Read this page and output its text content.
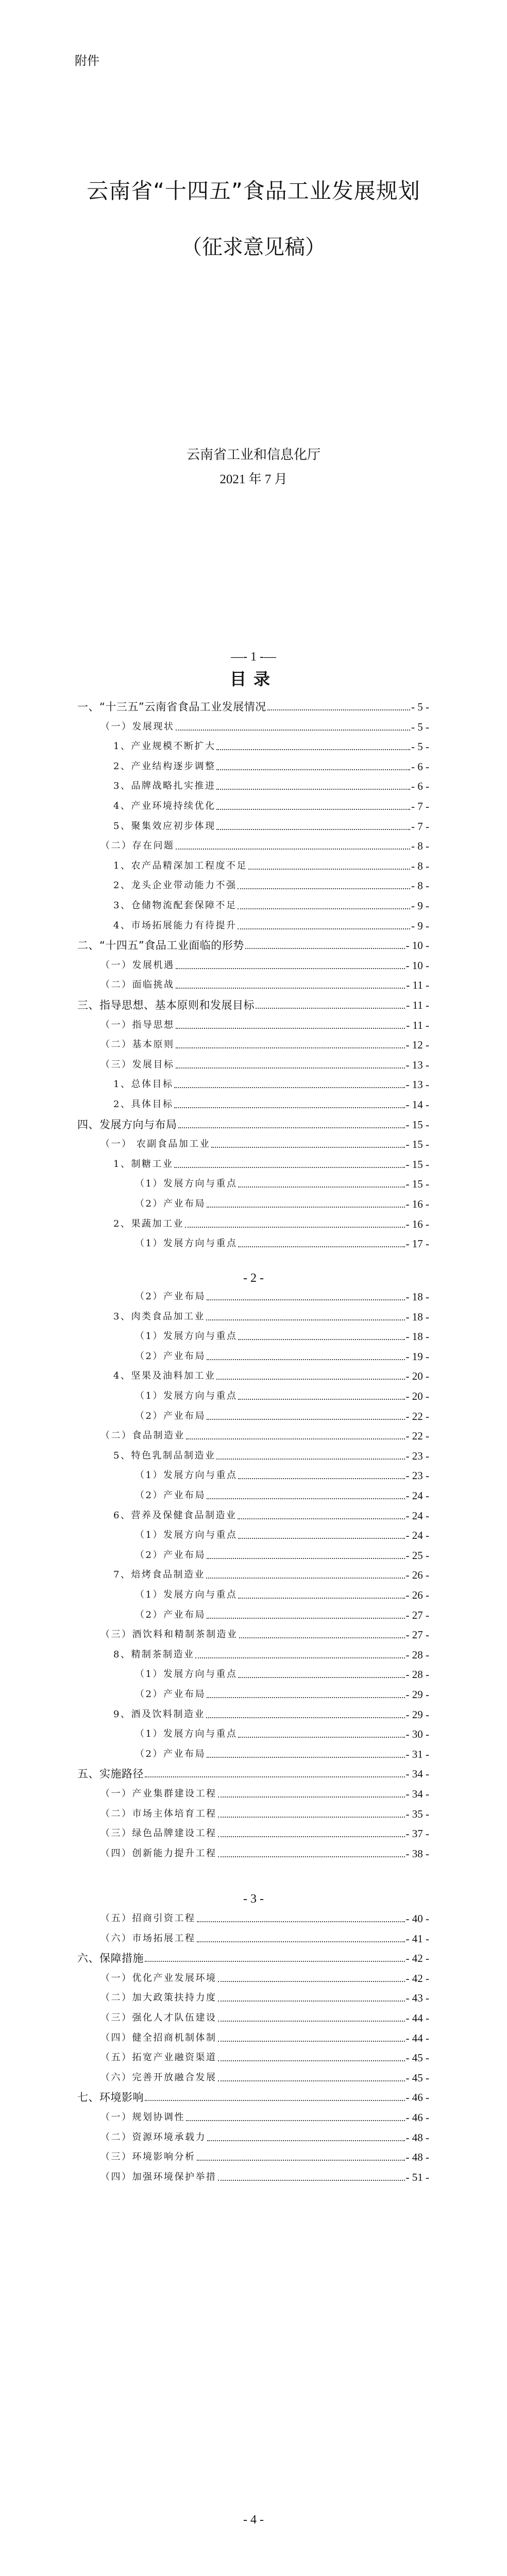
附件
云南省“十四五”食品工业发展规划
（征求意见稿）
云南省工业和信息化厅
2021 年 7 月
—- 1 -—
目录
- 2 -
- 3 -
- 4 -
一、“十三五”云南省食品工业发展情况	- 5 -
（一）发展现状	- 5 -
1、产业规模不断扩大	- 5 -
2、产业结构逐步调整	- 6 -
3、品牌战略扎实推进	- 6 -
4、产业环境持续优化	- 7 -
5、聚集效应初步体现	- 7 -
（二）存在问题	- 8 -
1、农产品精深加工程度不足	- 8 -
2、龙头企业带动能力不强	- 8 -
3、仓储物流配套保障不足	- 9 -
4、市场拓展能力有待提升	- 9 -
二、“十四五”食品工业面临的形势	- 10 -
（一）发展机遇	- 10 -
（二）面临挑战	- 11 -
三、指导思想、基本原则和发展目标	- 11 -
（一）指导思想	- 11 -
（二）基本原则	- 12 -
（三）发展目标	- 13 -
1、总体目标	- 13 -
2、具体目标	- 14 -
四、发展方向与布局	- 15 -
（一） 农副食品加工业	- 15 -
1、制糖工业	- 15 -
（1）发展方向与重点	- 15 -
（2）产业布局	- 16 -
2、果蔬加工业	- 16 -
（1）发展方向与重点	- 17 -
（2）产业布局	- 18 -
3、肉类食品加工业	- 18 -
（1）发展方向与重点	- 18 -
（2）产业布局	- 19 -
4、坚果及油料加工业	- 20 -
（1）发展方向与重点	- 20 -
（2）产业布局	- 22 -
（二）食品制造业	- 22 -
5、特色乳制品制造业	- 23 -
（1）发展方向与重点	- 23 -
（2）产业布局	- 24 -
6、营养及保健食品制造业	- 24 -
（1）发展方向与重点	- 24 -
（2）产业布局	- 25 -
7、焙烤食品制造业	- 26 -
（1）发展方向与重点	- 26 -
（2）产业布局	- 27 -
（三）酒饮料和精制茶制造业	- 27 -
8、精制茶制造业	- 28 -
（1）发展方向与重点	- 28 -
（2）产业布局	- 29 -
9、酒及饮料制造业	- 29 -
（1）发展方向与重点	- 30 -
（2）产业布局	- 31 -
五、实施路径	- 34 -
（一）产业集群建设工程	- 34 -
（二）市场主体培育工程	- 35 -
（三）绿色品牌建设工程	- 37 -
（四）创新能力提升工程	- 38 -
（五）招商引资工程	- 40 -
（六）市场拓展工程	- 41 -
六、保障措施	- 42 -
（一）优化产业发展环境	- 42 -
（二）加大政策扶持力度	- 43 -
（三）强化人才队伍建设	- 44 -
（四）健全招商机制体制	- 44 -
（五）拓宽产业融资渠道	- 45 -
（六）完善开放融合发展	- 45 -
七、环境影响	- 46 -
（一）规划协调性	- 46 -
（二）资源环境承载力	- 48 -
（三）环境影响分析	- 48 -
（四）加强环境保护举措	- 51 -
